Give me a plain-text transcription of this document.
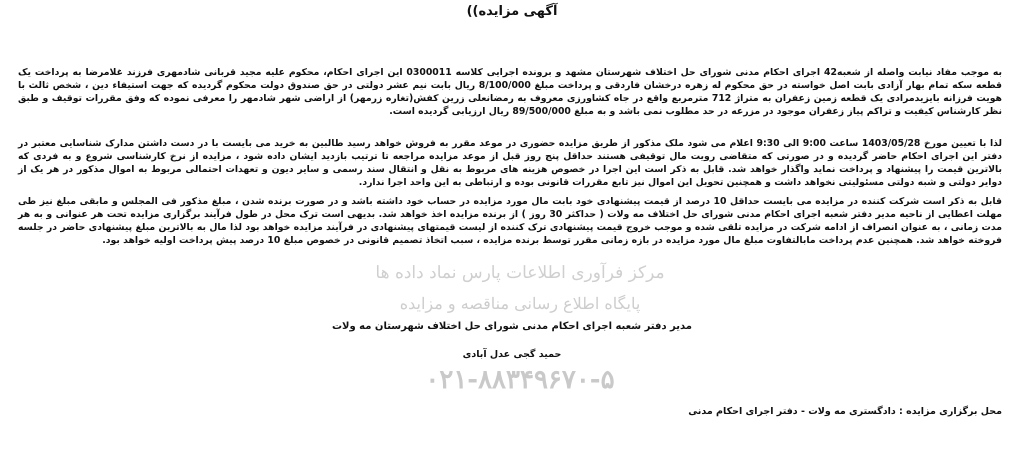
مرکز فرآوری اطلاعات پارس نماد داده ها
پایگاه اطلاع رسانی مناقصه و مزایده
۰۲۱-۸۸۳۴۹۶۷۰-۵
آگهی مزایده))

به موجب مفاد نیابت واصله از شعبه42 اجرای احکام مدنی شورای حل اختلاف شهرستان مشهد و برونده اجرایی کلاسه 0300011 این اجرای احکام، محکوم علیه مجید قربانی شادمهری فرزند غلامرضا به پرداخت یک قطعه سکه تمام بهار آزادی بابت اصل خواسته در حق محکوم له زهره درخشان فاردقی و پرداخت مبلغ 8/100/000 ریال بابت نیم عشر دولتی در حق صندوق دولت محکوم گردیده که جهت استیفاء دین ، شخص ثالث با هویت فرزانه بایزیدمرادی یک قطعه زمین زعفران به متراژ 712 مترمربع واقع در جاه کشاورزی معروف به رمضانعلی زرین کفش(تغاره زرمهر) از اراضی شهر شادمهر را معرفی نموده که وفق مقررات توقیف و طبق نظر کارشناس کیفیت و تراکم پیاز زعفران موجود در مزرعه در حد مطلوب نمی باشد و به مبلغ 89/500/000 ریال ارزیابی گردیده است.

لذا با تعیین مورخ 1403/05/28 ساعت 9:00 الی 9:30 اعلام می شود ملک مذکور از طریق مزایده حضوری در موعد مقرر به فروش خواهد رسید طالبین به خرید می بایست با در دست داشتن مدارک شناسایی معتبر در دفتر این اجرای احکام حاضر گردیده و در صورتی که متقاضی رویت مال توقیفی هستند حداقل پنج روز قبل از موعد مزایده مراجعه تا ترتیب بازدید ایشان داده شود ، مزایده از نرخ کارشناسی شروع و به فردی که بالاترین قیمت را پیشنهاد و پرداخت نماید واگذار خواهد شد. قابل به ذکر است این اجرا در خصوص هزینه های مربوط به نقل و انتقال سند رسمی و سایر دیون و تعهدات احتمالی مربوط به اموال مذکور در هر یک از دوایر دولتی و شبه دولتی مسئولیتی نخواهد داشت و همچنین تحویل این اموال نیز تابع مقررات قانونی بوده و ارتباطی به این واحد اجرا ندارد.

قابل به ذکر است شرکت کننده در مزایده می بایست حداقل 10 درصد از قیمت پیشنهادی خود بابت مال مورد مزایده در حساب خود داشته باشد و در صورت برنده شدن ، مبلغ مذکور فی المجلس و مابقی مبلغ نیز طی مهلت اعطایی از ناحیه مدیر دفتر شعبه اجرای احکام مدنی شورای حل اختلاف مه ولات ( حداکثر 30 روز ) از برنده مزایده اخذ خواهد شد. بدیهی است ترک محل در طول فرآیند برگزاری مزایده تحت هر عنوانی و به هر مدت زمانی ، به عنوان انصراف از ادامه شرکت در مزایده تلقی شده و موجب خروج قیمت پیشنهادی ترک کننده از لیست قیمتهای پیشنهادی در فرآیند مزایده خواهد بود لذا مال به بالاترین مبلغ پیشنهادی حاضر در جلسه فروخته خواهد شد. همچنین عدم پرداخت مابالتفاوت مبلغ مال مورد مزایده در بازه زمانی مقرر توسط برنده مزایده ، سبب اتخاذ تصمیم قانونی در خصوص مبلغ 10 درصد پیش پرداخت اولیه خواهد بود.

مدیر دفتر شعبه اجرای احکام مدنی شورای حل اختلاف شهرستان مه ولات
حمید گجی عدل آبادی
محل برگزاری مزایده : دادگستری مه ولات - دفتر اجرای احکام مدنی
